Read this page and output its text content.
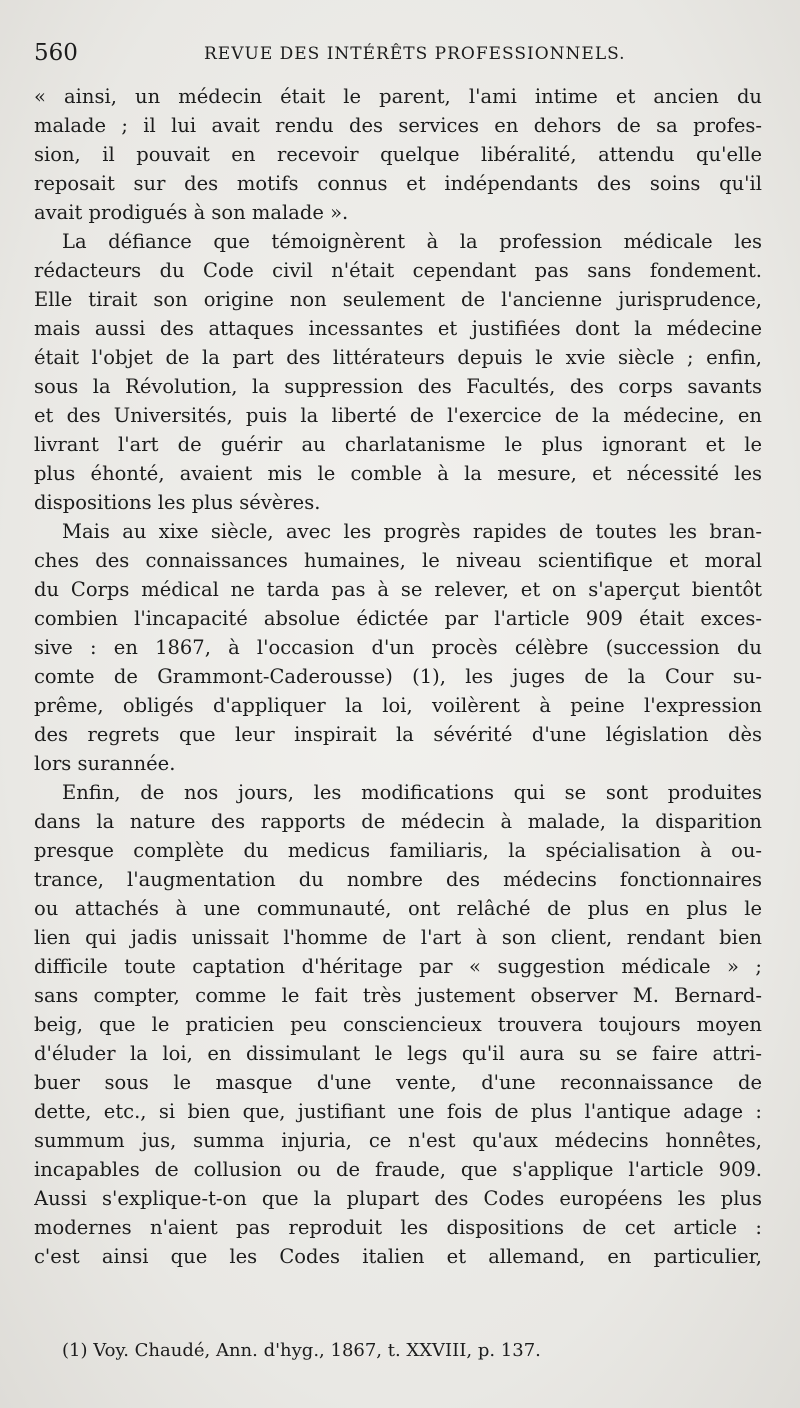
560	REVUE DES INTÉRÊTS PROFESSIONNELS.
« ainsi, un médecin était le parent, l'ami intime et ancien du
malade ; il lui avait rendu des services en dehors de sa profes-
sion, il pouvait en recevoir quelque libéralité, attendu qu'elle
reposait sur des motifs connus et indépendants des soins qu'il
avait prodigués à son malade ».
La défiance que témoignèrent à la profession médicale les
rédacteurs du Code civil n'était cependant pas sans fondement.
Elle tirait son origine non seulement de l'ancienne jurisprudence,
mais aussi des attaques incessantes et justifiées dont la médecine
était l'objet de la part des littérateurs depuis le xvie siècle ; enfin,
sous la Révolution, la suppression des Facultés, des corps savants
et des Universités, puis la liberté de l'exercice de la médecine, en
livrant l'art de guérir au charlatanisme le plus ignorant et le
plus éhonté, avaient mis le comble à la mesure, et nécessité les
dispositions les plus sévères.
Mais au xixe siècle, avec les progrès rapides de toutes les bran-
ches des connaissances humaines, le niveau scientifique et moral
du Corps médical ne tarda pas à se relever, et on s'aperçut bientôt
combien l'incapacité absolue édictée par l'article 909 était exces-
sive : en 1867, à l'occasion d'un procès célèbre (succession du
comte de Grammont-Caderousse) (1), les juges de la Cour su-
prême, obligés d'appliquer la loi, voilèrent à peine l'expression
des regrets que leur inspirait la sévérité d'une législation dès
lors surannée.
Enfin, de nos jours, les modifications qui se sont produites
dans la nature des rapports de médecin à malade, la disparition
presque complète du medicus familiaris, la spécialisation à ou-
trance, l'augmentation du nombre des médecins fonctionnaires
ou attachés à une communauté, ont relâché de plus en plus le
lien qui jadis unissait l'homme de l'art à son client, rendant bien
difficile toute captation d'héritage par « suggestion médicale » ;
sans compter, comme le fait très justement observer M. Bernard-
beig, que le praticien peu consciencieux trouvera toujours moyen
d'éluder la loi, en dissimulant le legs qu'il aura su se faire attri-
buer sous le masque d'une vente, d'une reconnaissance de
dette, etc., si bien que, justifiant une fois de plus l'antique adage :
summum jus, summa injuria, ce n'est qu'aux médecins honnêtes,
incapables de collusion ou de fraude, que s'applique l'article 909.
Aussi s'explique-t-on que la plupart des Codes européens les plus
modernes n'aient pas reproduit les dispositions de cet article :
c'est ainsi que les Codes italien et allemand, en particulier,
(1) Voy. Chaudé, Ann. d'hyg., 1867, t. XXVIII, p. 137.
